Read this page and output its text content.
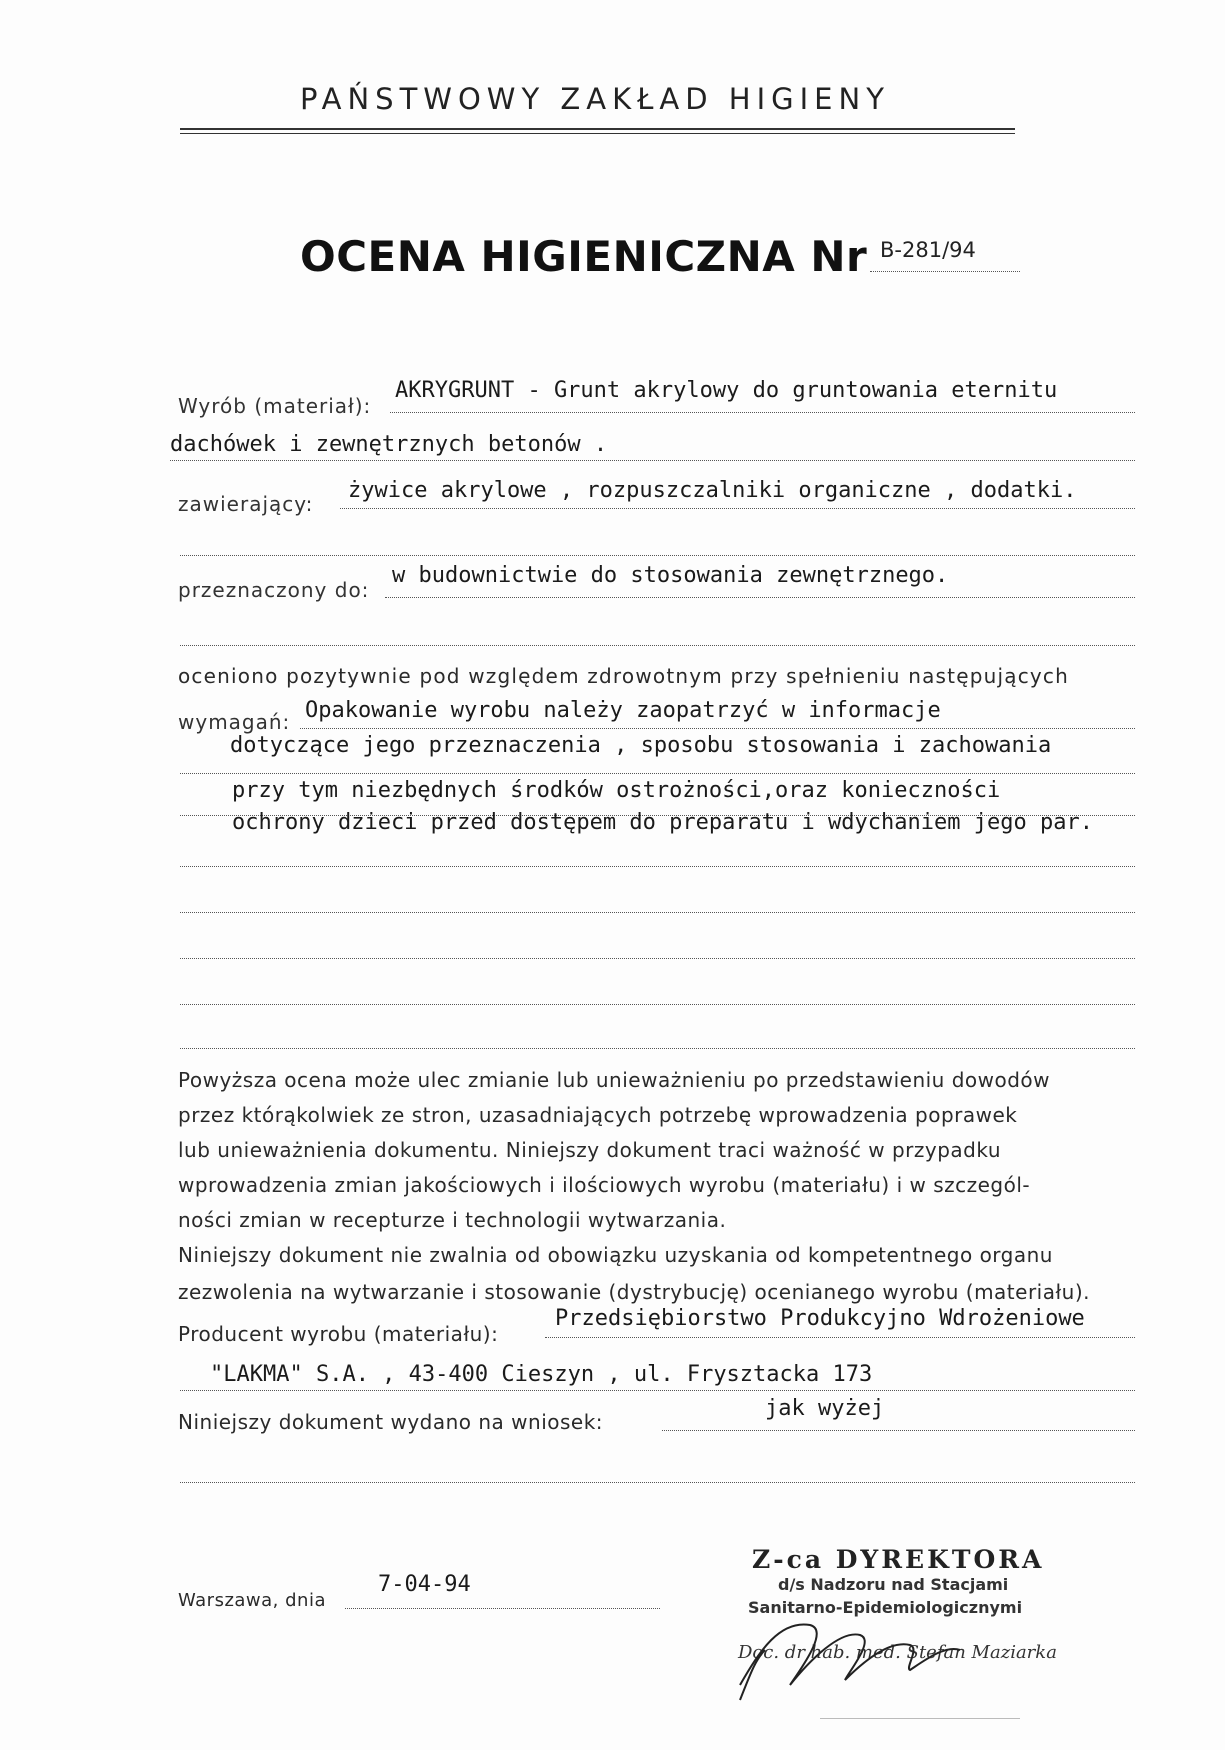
PAŃSTWOWY ZAKŁAD HIGIENY
OCENA HIGIENICZNA Nr B-281/94
Wyrób (materiał):
AKRYGRUNT - Grunt akrylowy do gruntowania eternitu
dachówek i zewnętrznych betonów .
zawierający:
żywice akrylowe , rozpuszczalniki organiczne , dodatki.
przeznaczony do:
w budownictwie do stosowania zewnętrznego.
oceniono pozytywnie pod względem zdrowotnym przy spełnieniu następujących
wymagań: Opakowanie wyrobu należy zaopatrzyć w informacje
dotyczące jego przeznaczenia , sposobu stosowania i zachowania
przy tym niezbędnych środków ostrożności,oraz konieczności
ochrony dzieci przed dostępem do preparatu i wdychaniem jego par.
Powyższa ocena może ulec zmianie lub unieważnieniu po przedstawieniu dowodów
przez którąkolwiek ze stron, uzasadniających potrzebę wprowadzenia poprawek
lub unieważnienia dokumentu. Niniejszy dokument traci ważność w przypadku
wprowadzenia zmian jakościowych i ilościowych wyrobu (materiału) i w szczegól-
ności zmian w recepturze i technologii wytwarzania.
Niniejszy dokument nie zwalnia od obowiązku uzyskania od kompetentnego organu
zezwolenia na wytwarzanie i stosowanie (dystrybucję) ocenianego wyrobu (materiału).
Producent wyrobu (materiału):
Przedsiębiorstwo Produkcyjno Wdrożeniowe
"LAKMA" S.A. , 43-400 Cieszyn , ul. Frysztacka 173
Niniejszy dokument wydano na wniosek:
jak wyżej
Warszawa, dnia
7-04-94
Z-ca DYREKTORA
d/s Nadzoru nad Stacjami
Sanitarno-Epidemiologicznymi
Doc. dr hab. med. Stefan Maziarka
